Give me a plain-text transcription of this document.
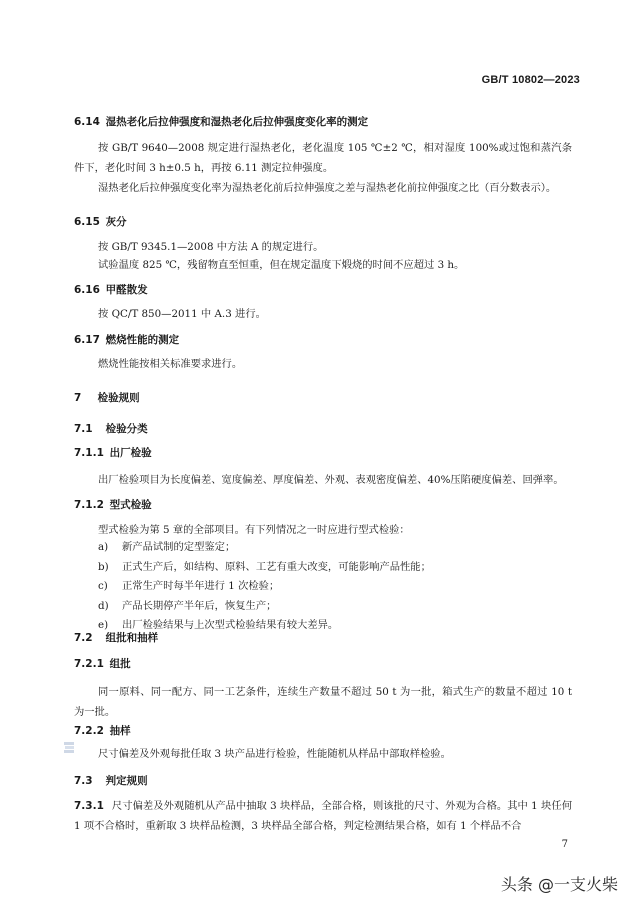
GB/T 10802—2023
6.14 湿热老化后拉伸强度和湿热老化后拉伸强度变化率的测定
按 GB/T 9640—2008 规定进行湿热老化，老化温度 105 ℃±2 ℃，相对湿度 100%或过饱和蒸汽条件下，老化时间 3 h±0.5 h，再按 6.11 测定拉伸强度。
湿热老化后拉伸强度变化率为湿热老化前后拉伸强度之差与湿热老化前拉伸强度之比（百分数表示）。
6.15 灰分
按 GB/T 9345.1—2008 中方法 A 的规定进行。
试验温度 825 ℃，残留物直至恒重，但在规定温度下煅烧的时间不应超过 3 h。
6.16 甲醛散发
按 QC/T 850—2011 中 A.3 进行。
6.17 燃烧性能的测定
燃烧性能按相关标准要求进行。
7 检验规则
7.1 检验分类
7.1.1 出厂检验
出厂检验项目为长度偏差、宽度偏差、厚度偏差、外观、表观密度偏差、40%压陷硬度偏差、回弹率。
7.1.2 型式检验
型式检验为第 5 章的全部项目。有下列情况之一时应进行型式检验：
a) 新产品试制的定型鉴定；
b) 正式生产后，如结构、原料、工艺有重大改变，可能影响产品性能；
c) 正常生产时每半年进行 1 次检验；
d) 产品长期停产半年后，恢复生产；
e) 出厂检验结果与上次型式检验结果有较大差异。
7.2 组批和抽样
7.2.1 组批
同一原料、同一配方、同一工艺条件，连续生产数量不超过 50 t 为一批，箱式生产的数量不超过 10 t 为一批。
7.2.2 抽样
尺寸偏差及外观每批任取 3 块产品进行检验，性能随机从样品中部取样检验。
7.3 判定规则
7.3.1 尺寸偏差及外观随机从产品中抽取 3 块样品，全部合格，则该批的尺寸、外观为合格。其中 1 块任何 1 项不合格时，重新取 3 块样品检测，3 块样品全部合格，判定检测结果合格，如有 1 个样品不合
7
头条 @一支火柴
